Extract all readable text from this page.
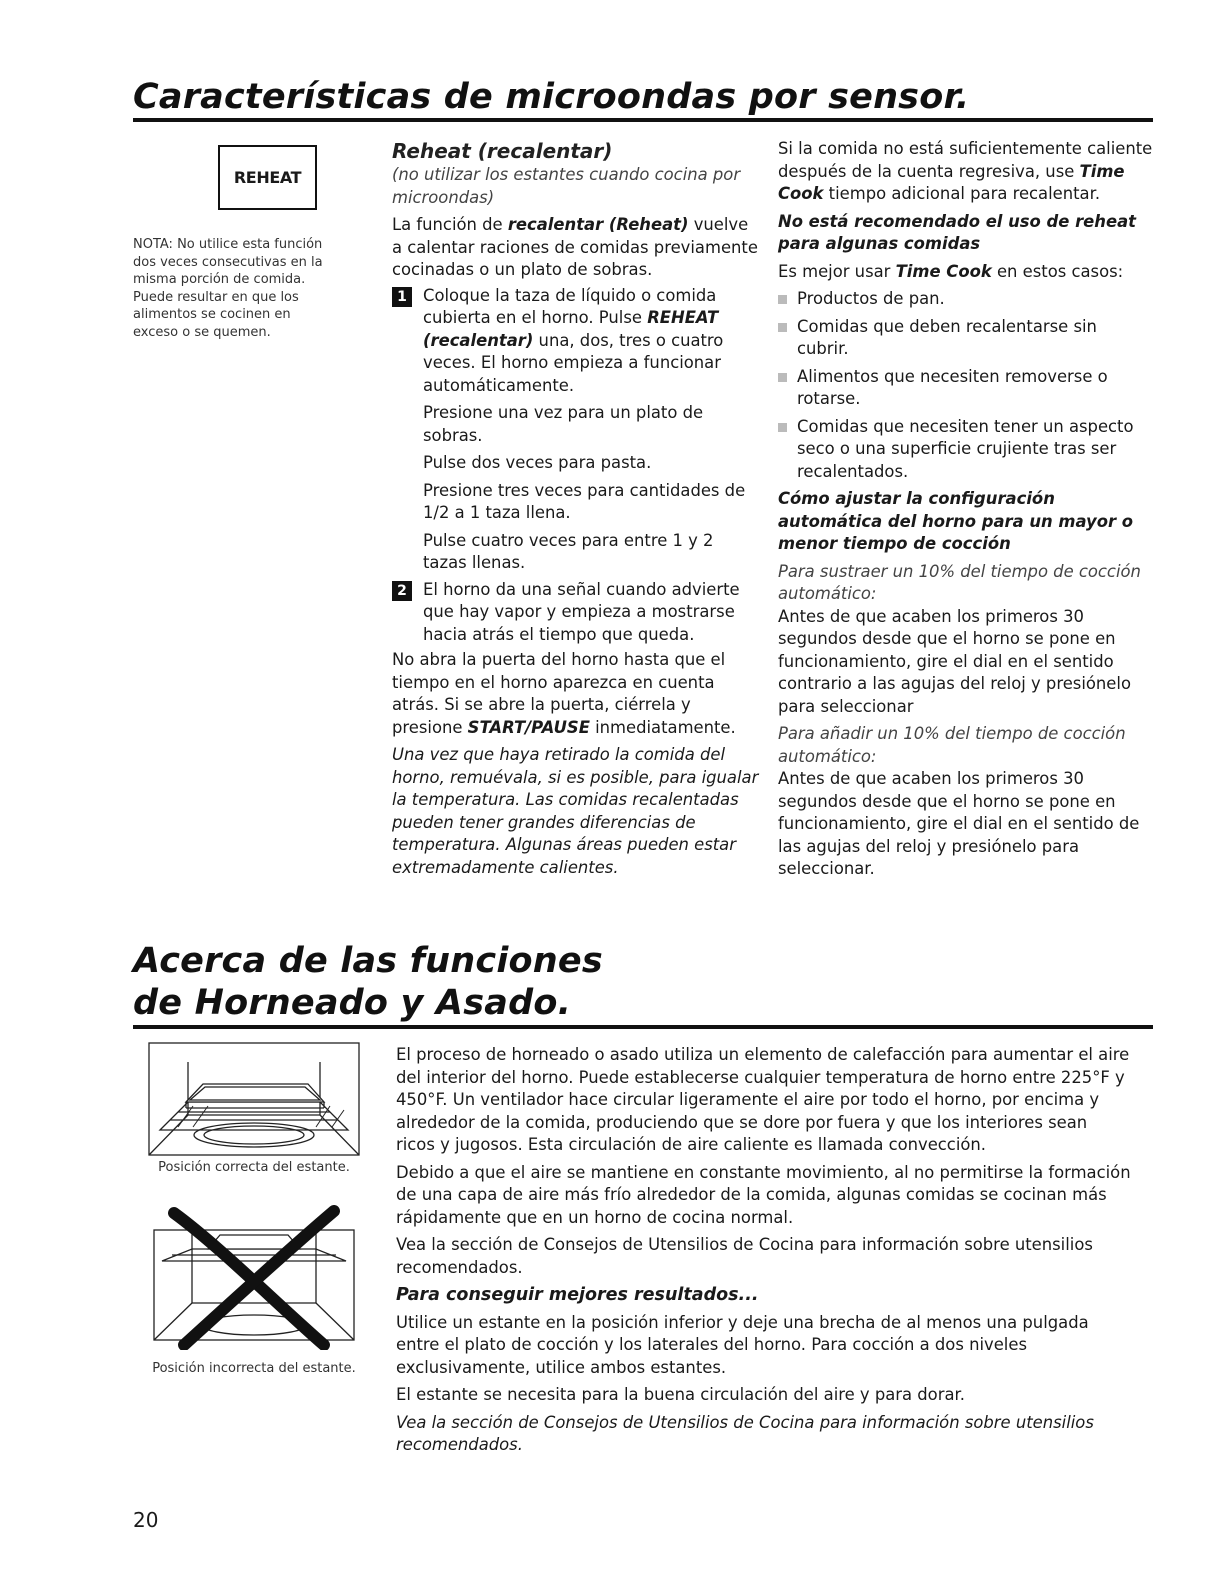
Características de microondas por sensor.
REHEAT

NOTA: No utilice esta función dos veces consecutivas en la misma porción de comida. Puede resultar en que los alimentos se cocinen en exceso o se quemen.

Reheat (recalentar)

(no utilizar los estantes cuando cocina por microondas)

La función de recalentar (Reheat) vuelve a calentar raciones de comidas previamente cocinadas o un plato de sobras.

1 Coloque la taza de líquido o comida cubierta en el horno. Pulse REHEAT (recalentar) una, dos, tres o cuatro veces. El horno empieza a funcionar automáticamente.

Presione una vez para un plato de sobras.

Pulse dos veces para pasta.

Presione tres veces para cantidades de 1/2 a 1 taza llena.

Pulse cuatro veces para entre 1 y 2 tazas llenas.

2 El horno da una señal cuando advierte que hay vapor y empieza a mostrarse hacia atrás el tiempo que queda.

No abra la puerta del horno hasta que el tiempo en el horno aparezca en cuenta atrás. Si se abre la puerta, ciérrela y presione START/PAUSE inmediatamente.

Una vez que haya retirado la comida del horno, remuévala, si es posible, para igualar la temperatura. Las comidas recalentadas pueden tener grandes diferencias de temperatura. Algunas áreas pueden estar extremadamente calientes.

Si la comida no está suficientemente caliente después de la cuenta regresiva, use Time Cook tiempo adicional para recalentar.

No está recomendado el uso de reheat para algunas comidas

Es mejor usar Time Cook en estos casos:

Productos de pan.
Comidas que deben recalentarse sin cubrir.
Alimentos que necesiten removerse o rotarse.
Comidas que necesiten tener un aspecto seco o una superficie crujiente tras ser recalentados.
Cómo ajustar la configuración automática del horno para un mayor o menor tiempo de cocción

Para sustraer un 10% del tiempo de cocción automático:

Antes de que acaben los primeros 30 segundos desde que el horno se pone en funcionamiento, gire el dial en el sentido contrario a las agujas del reloj y presiónelo para seleccionar

Para añadir un 10% del tiempo de cocción automático:

Antes de que acaben los primeros 30 segundos desde que el horno se pone en funcionamiento, gire el dial en el sentido de las agujas del reloj y presiónelo para seleccionar.

Acerca de las funciones
de Horneado y Asado.
Posición correcta del estante.
Posición incorrecta del estante.

El proceso de horneado o asado utiliza un elemento de calefacción para aumentar el aire del interior del horno. Puede establecerse cualquier temperatura de horno entre 225°F y 450°F. Un ventilador hace circular ligeramente el aire por todo el horno, por encima y alrededor de la comida, produciendo que se dore por fuera y que los interiores sean ricos y jugosos. Esta circulación de aire caliente es llamada convección.

Debido a que el aire se mantiene en constante movimiento, al no permitirse la formación de una capa de aire más frío alrededor de la comida, algunas comidas se cocinan más rápidamente que en un horno de cocina normal.

Vea la sección de Consejos de Utensilios de Cocina para información sobre utensilios recomendados.

Para conseguir mejores resultados...

Utilice un estante en la posición inferior y deje una brecha de al menos una pulgada entre el plato de cocción y los laterales del horno. Para cocción a dos niveles exclusivamente, utilice ambos estantes.

El estante se necesita para la buena circulación del aire y para dorar.

Vea la sección de Consejos de Utensilios de Cocina para información sobre utensilios recomendados.

20
